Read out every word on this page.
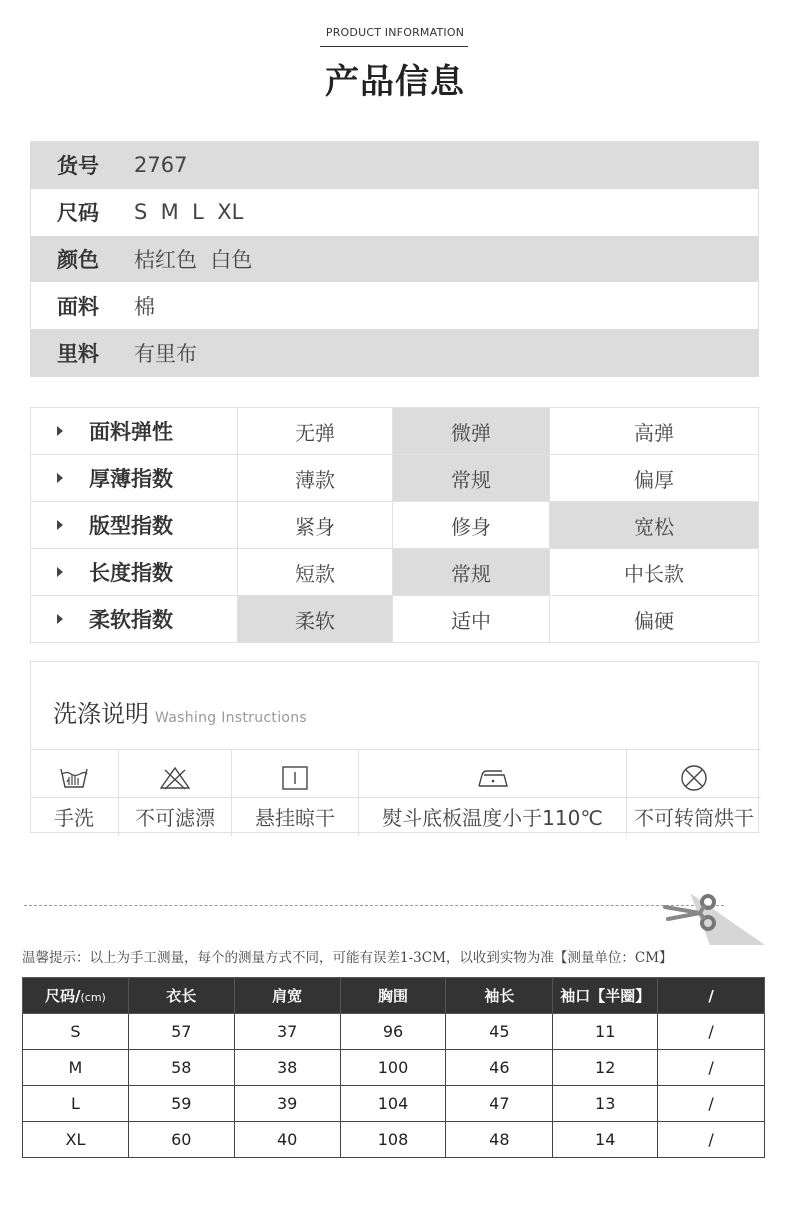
PRODUCT INFORMATION
产品信息
货号	2767
尺码	S  M  L  XL
颜色	桔红色  白色
面料	棉
里料	有里布
面料弹性	无弹	微弹	高弹
厚薄指数	薄款	常规	偏厚
版型指数	紧身	修身	宽松
长度指数	短款	常规	中长款
柔软指数	柔软	适中	偏硬
洗涤说明 Washing Instructions
手洗	不可滤漂	悬挂晾干	熨斗底板温度小于110℃	不可转筒烘干
温馨提示：以上为手工测量，每个的测量方式不同，可能有误差1-3CM，以收到实物为准【测量单位：CM】
尺码/(cm)	衣长	肩宽	胸围	袖长	袖口【半圈】	/
S	57	37	96	45	11	/
M	58	38	100	46	12	/
L	59	39	104	47	13	/
XL	60	40	108	48	14	/
